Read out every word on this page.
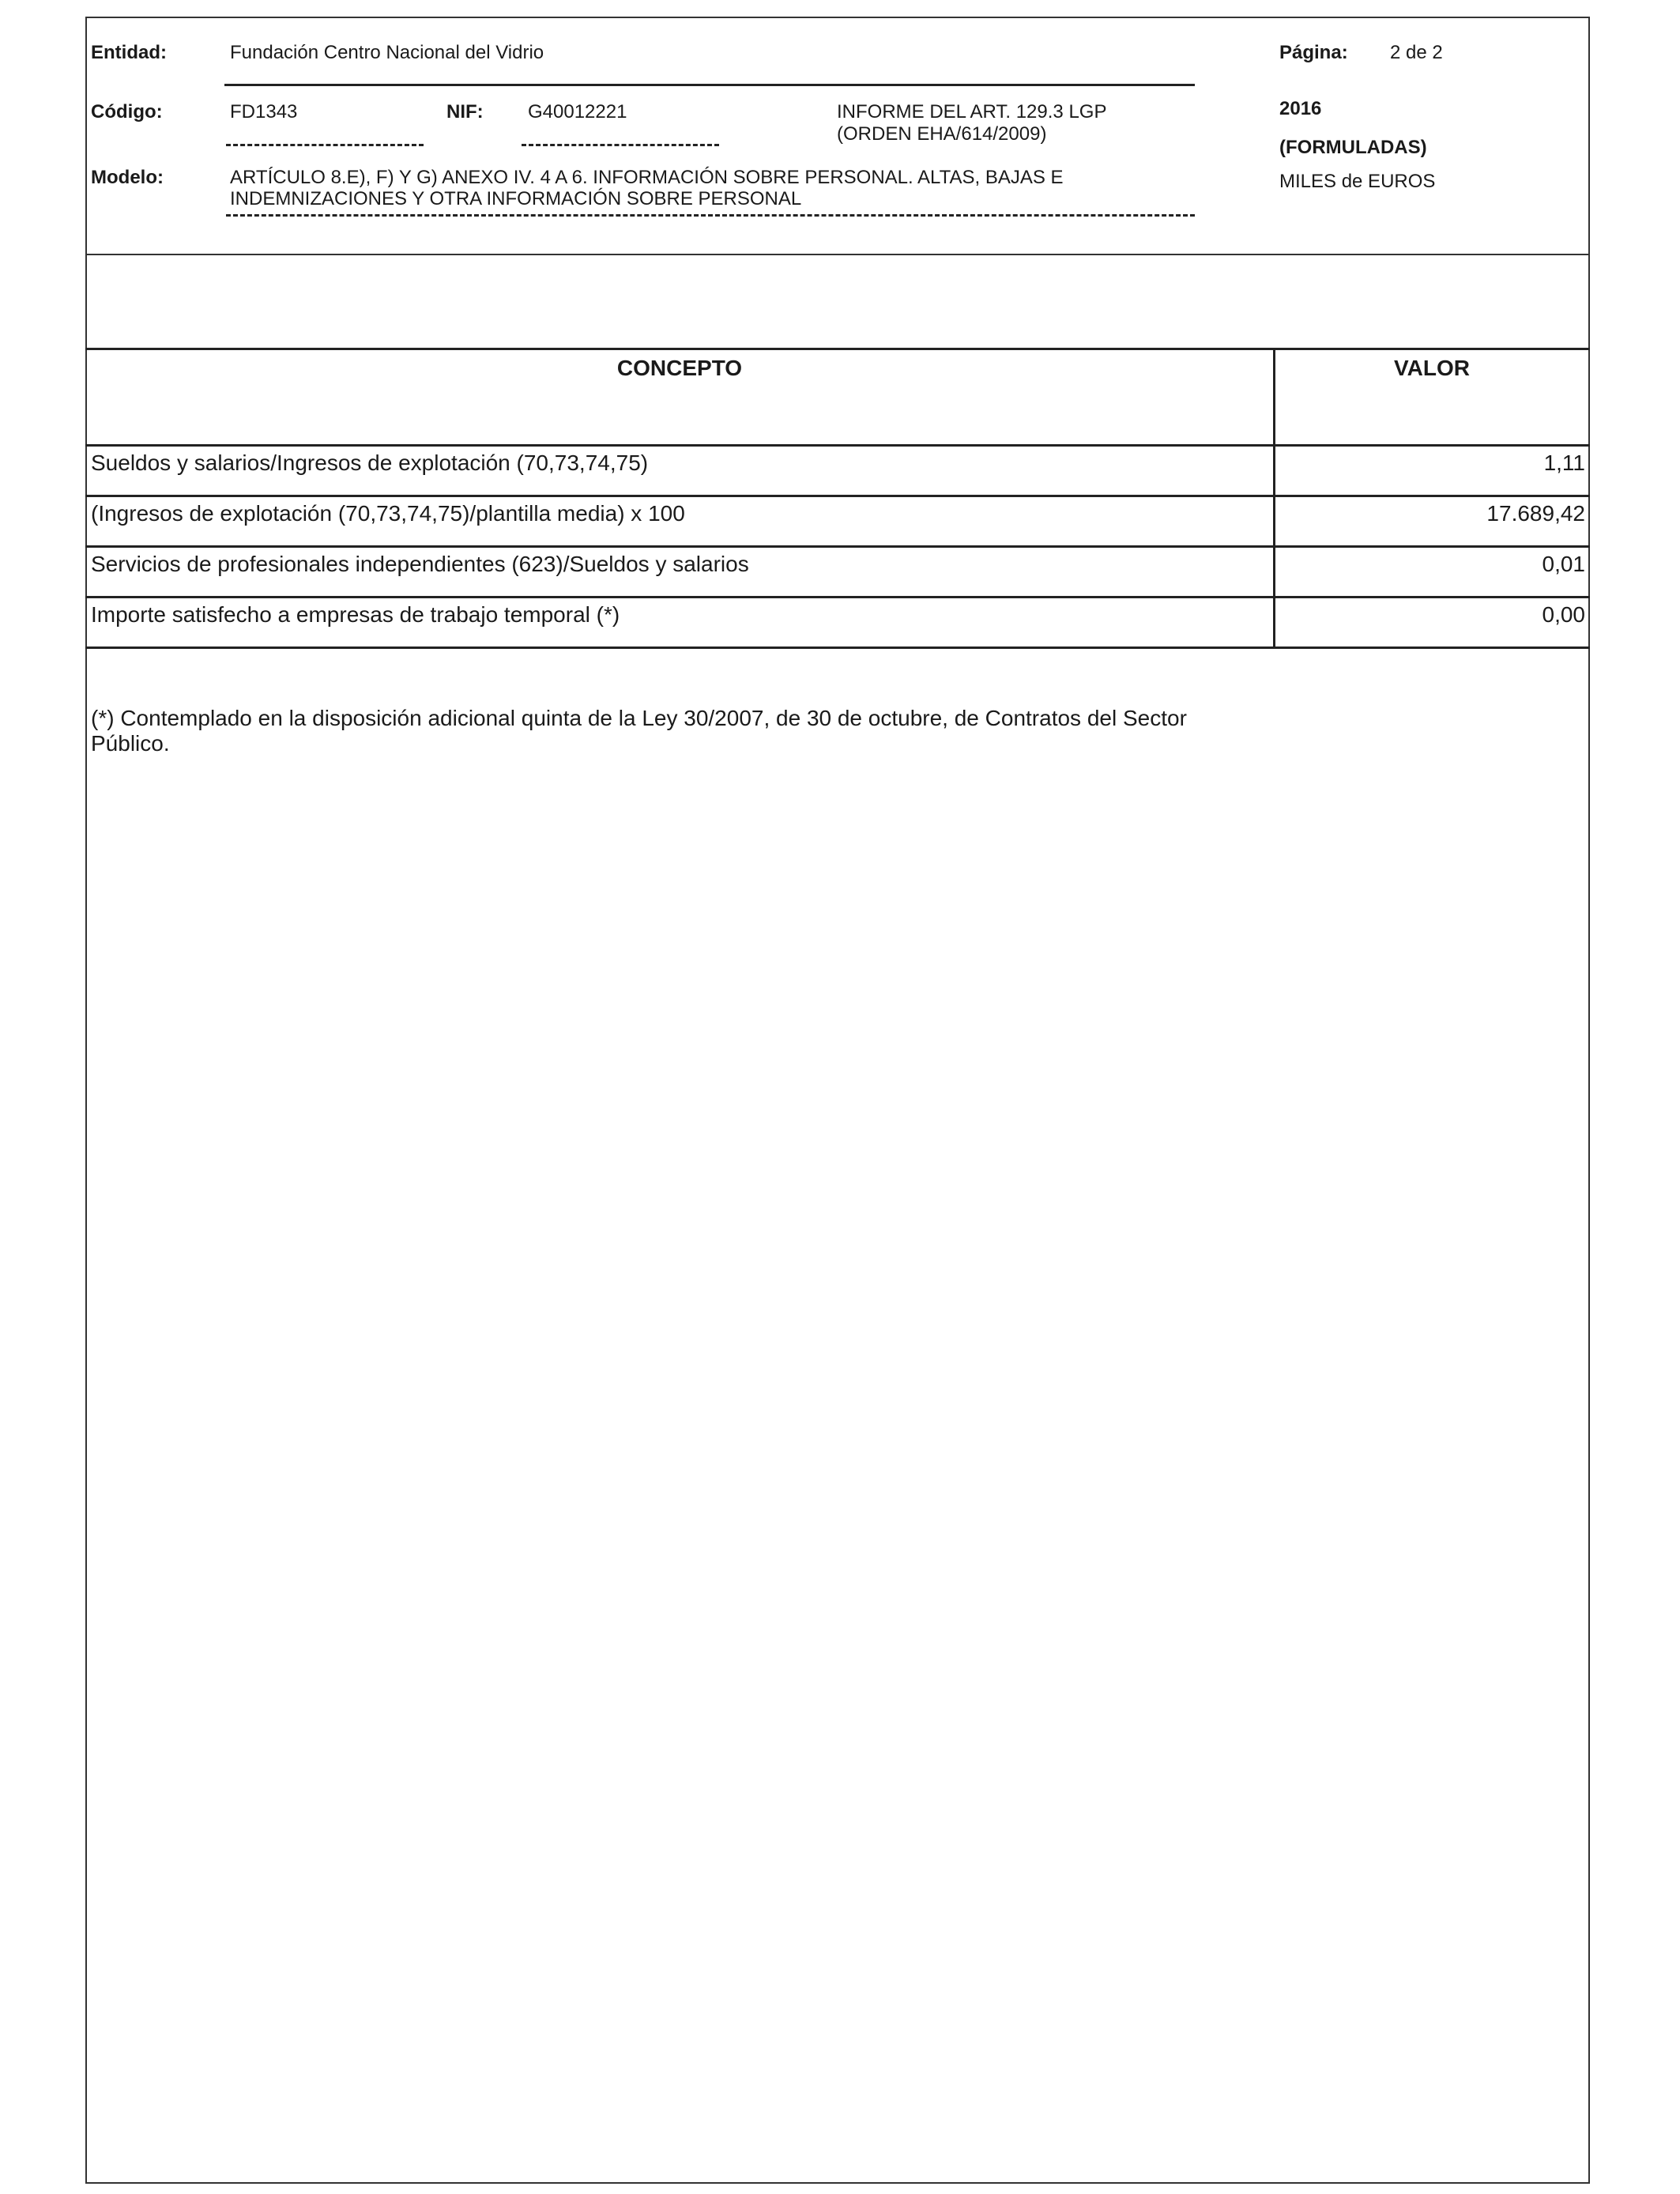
Entidad:	Fundación Centro Nacional del Vidrio	Página: 2 de 2
Código:	FD1343	NIF: G40012221	INFORME DEL ART. 129.3 LGP
(ORDEN EHA/614/2009)
2016
(FORMULADAS)
MILES de EUROS
Modelo:	ARTÍCULO 8.E), F) Y G) ANEXO IV. 4 A 6. INFORMACIÓN SOBRE PERSONAL. ALTAS, BAJAS E
INDEMNIZACIONES Y OTRA INFORMACIÓN SOBRE PERSONAL
CONCEPTO	VALOR
Sueldos y salarios/Ingresos de explotación (70,73,74,75)	1,11
(Ingresos de explotación (70,73,74,75)/plantilla media) x 100	17.689,42
Servicios de profesionales independientes (623)/Sueldos y salarios	0,01
Importe satisfecho a empresas de trabajo temporal (*)	0,00
(*) Contemplado en la disposición adicional quinta de la Ley 30/2007, de 30 de octubre, de Contratos del Sector Público.
